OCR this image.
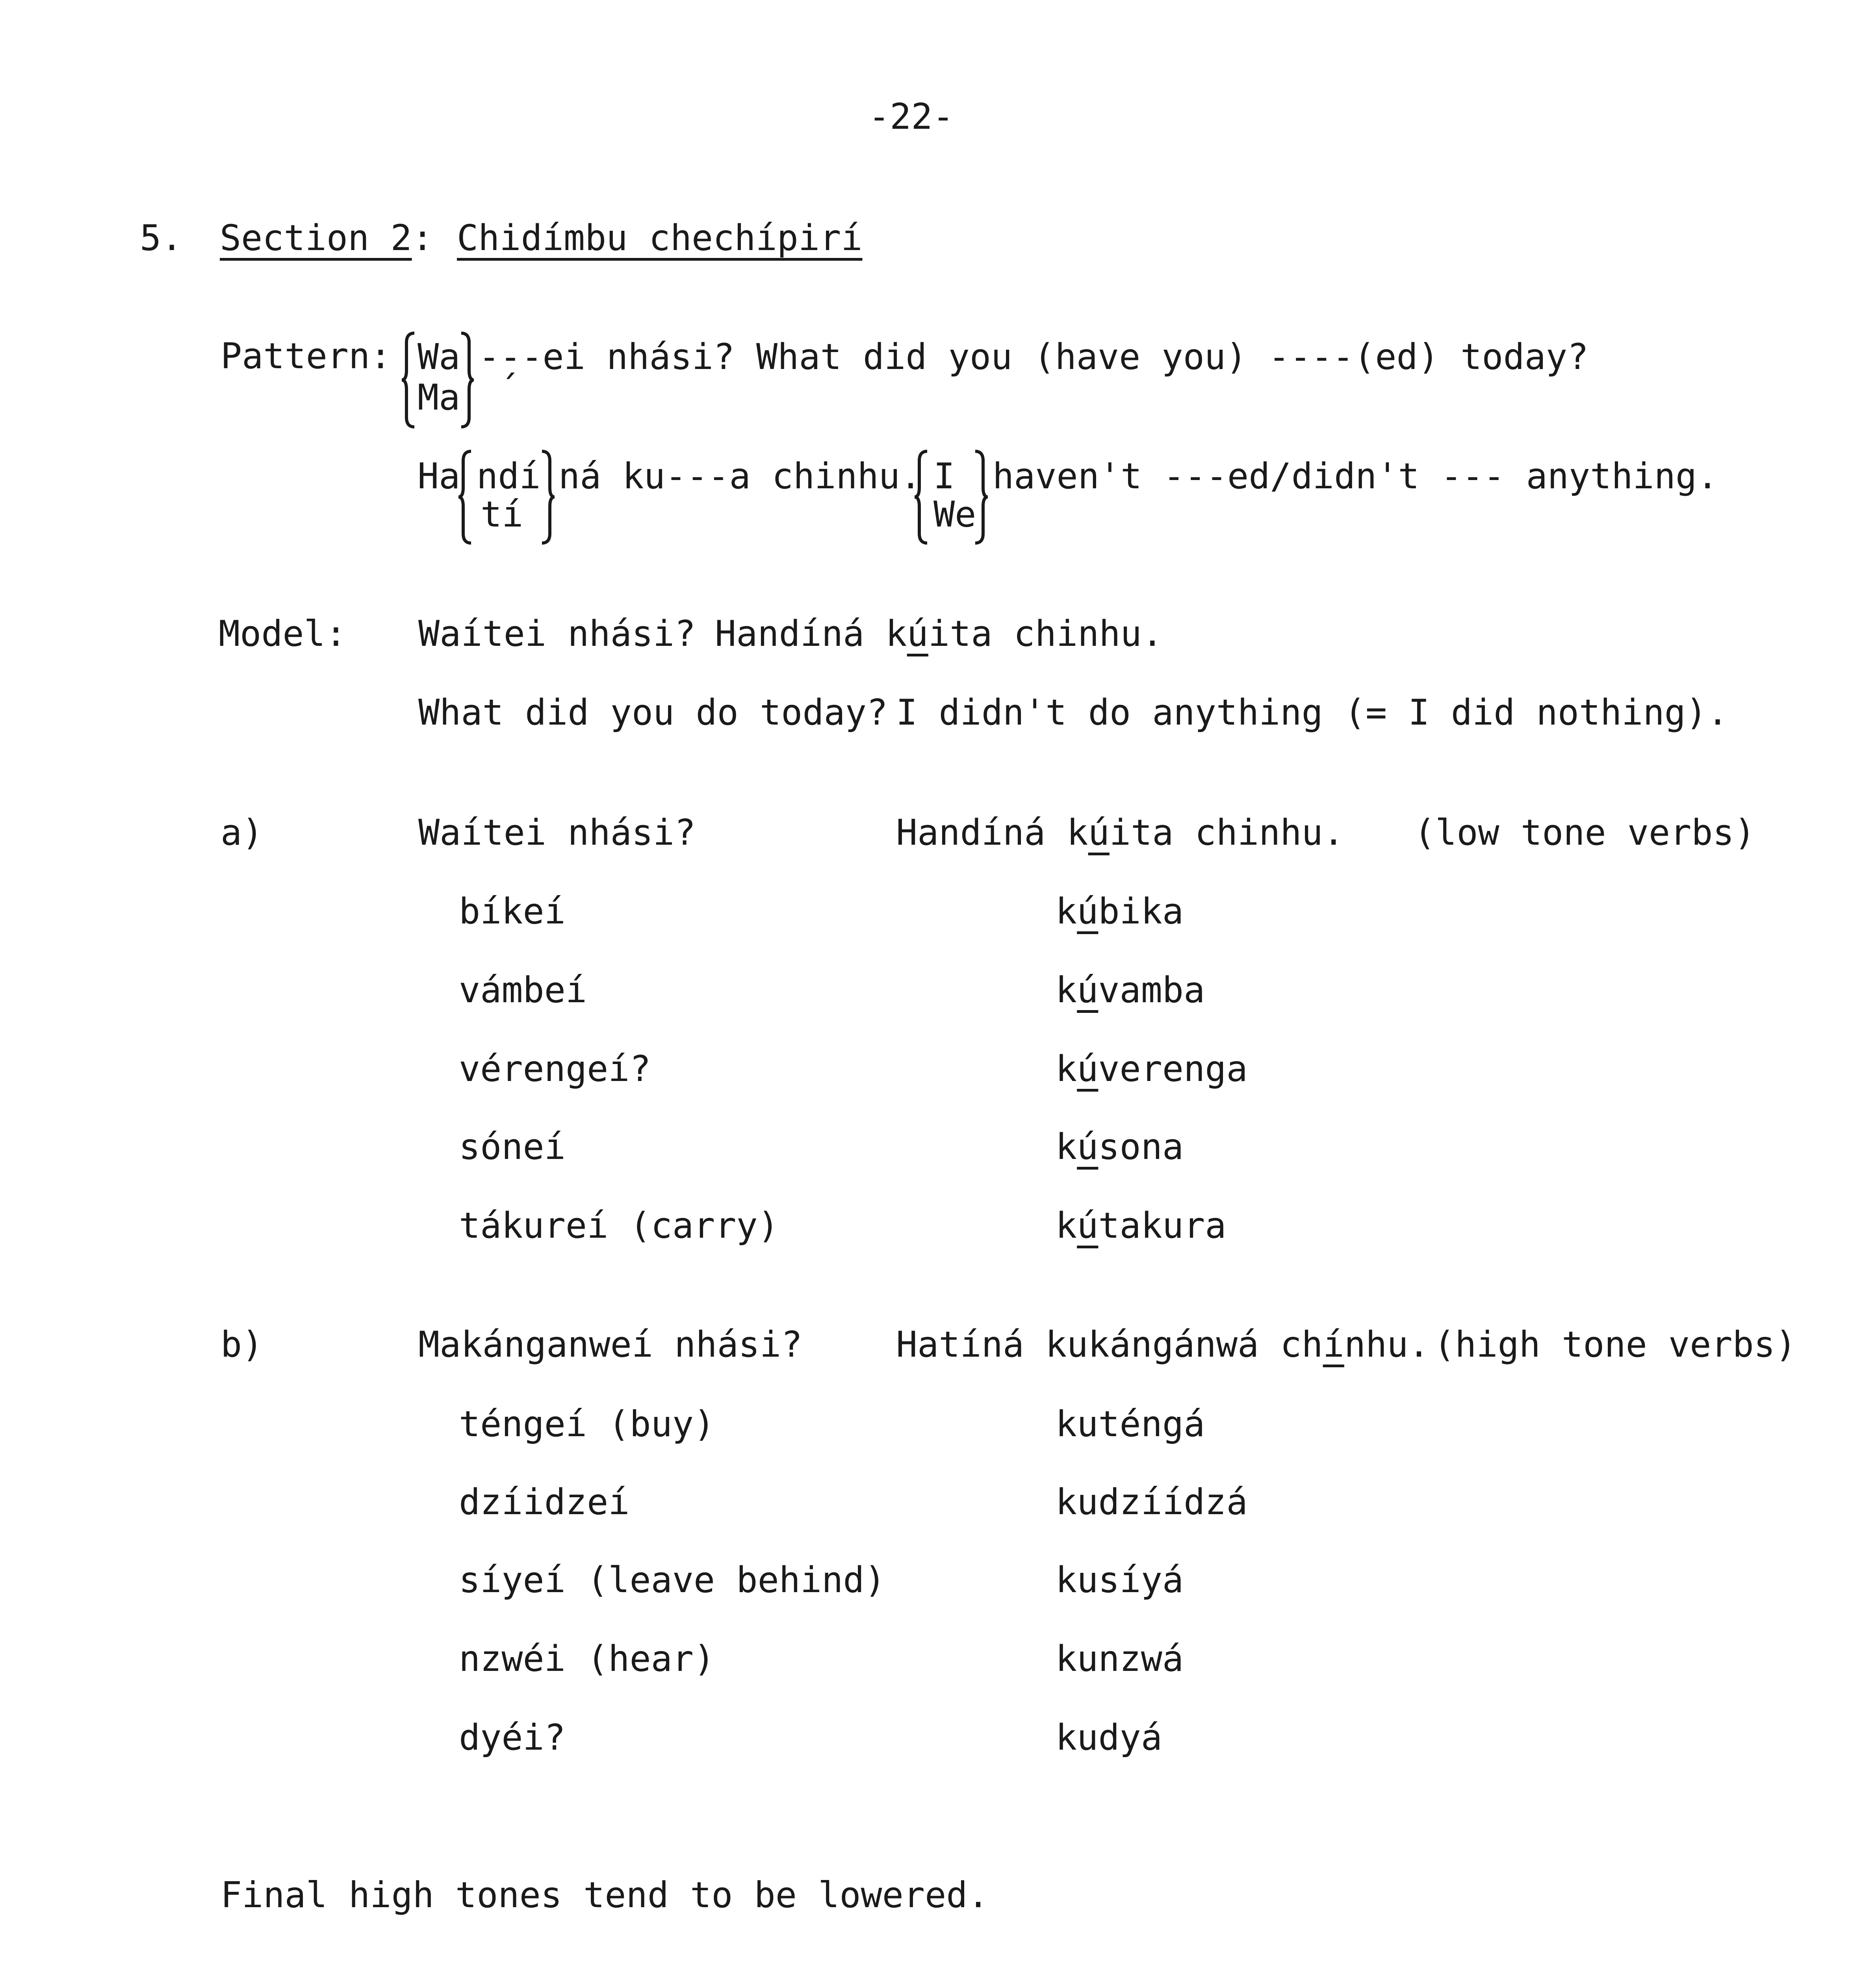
-22-
5. Section 2: Chidímbu chechípirí
Pattern: Wa
Ma
-̗--ei nhási? What did you (have you) ----(ed) today?
Ha ndí
tí
ná ku---a chinhu. I
We
haven't ---ed/didn't --- anything.
Model: Waítei nhási? Handíná kúita chinhu.
What did you do today? I didn't do anything (= I did nothing).
a)	Waítei nhási?	Handíná kúita chinhu. (low tone verbs)
bíkeí	kúbika
vámbeí	kúvamba
vérengeí?	kúverenga
sóneí	kúsona
tákureí (carry)	kútakura
b)	Makánganweí nhási?	Hatíná kukángánwá chínhu. (high tone verbs)
téngeí (buy)	kuténgá
dzíidzeí	kudzíídzá
síyeí (leave behind)	kusíyá
nzwéi (hear)	kunzwá
dyéi?	kudyá
Final high tones tend to be lowered.
